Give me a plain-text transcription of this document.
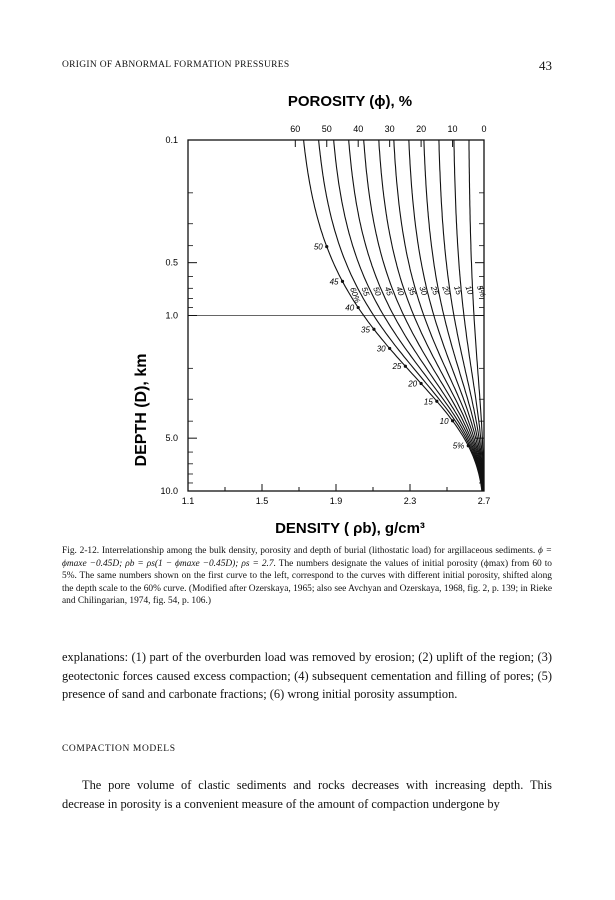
ORIGIN OF ABNORMAL FORMATION PRESSURES	43
POROSITY (ϕ), %
DEPTH (D), km
DENSITY ( ρb), g/cm³
60 50 40 30 20 10	0
1.1	1.5	1.9	2.3	2.7
0.1
0.5
1.0
5.0
10.0
5%
10
15
20
25
30
35
40
45
50
55
60%
50
45
40
35
30
25
20
15
10
5%
Fig. 2-12. Interrelationship among the bulk density, porosity and depth of burial (lithostatic load) for argillaceous sediments. ϕ = ϕmaxe −0.45D; ρb = ρs(1 − ϕmaxe −0.45D); ρs = 2.7. The numbers designate the values of initial porosity (ϕmax) from 60 to 5%. The same numbers shown on the first curve to the left, correspond to the curves with different initial porosity, shifted along the depth scale to the 60% curve. (Modified after Ozerskaya, 1965; also see Avchyan and Ozerskaya, 1968, fig. 2, p. 139; in Rieke and Chilingarian, 1974, fig. 54, p. 106.)

explanations: (1) part of the overburden load was removed by erosion; (2) uplift of the region; (3) geotectonic forces caused excess compaction; (4) subsequent cementation and filling of pores; (5) presence of sand and carbonate fractions; (6) wrong initial porosity assumption.

COMPACTION MODELS

The pore volume of clastic sediments and rocks decreases with increasing depth. This decrease in porosity is a convenient measure of the amount of compaction undergone by
